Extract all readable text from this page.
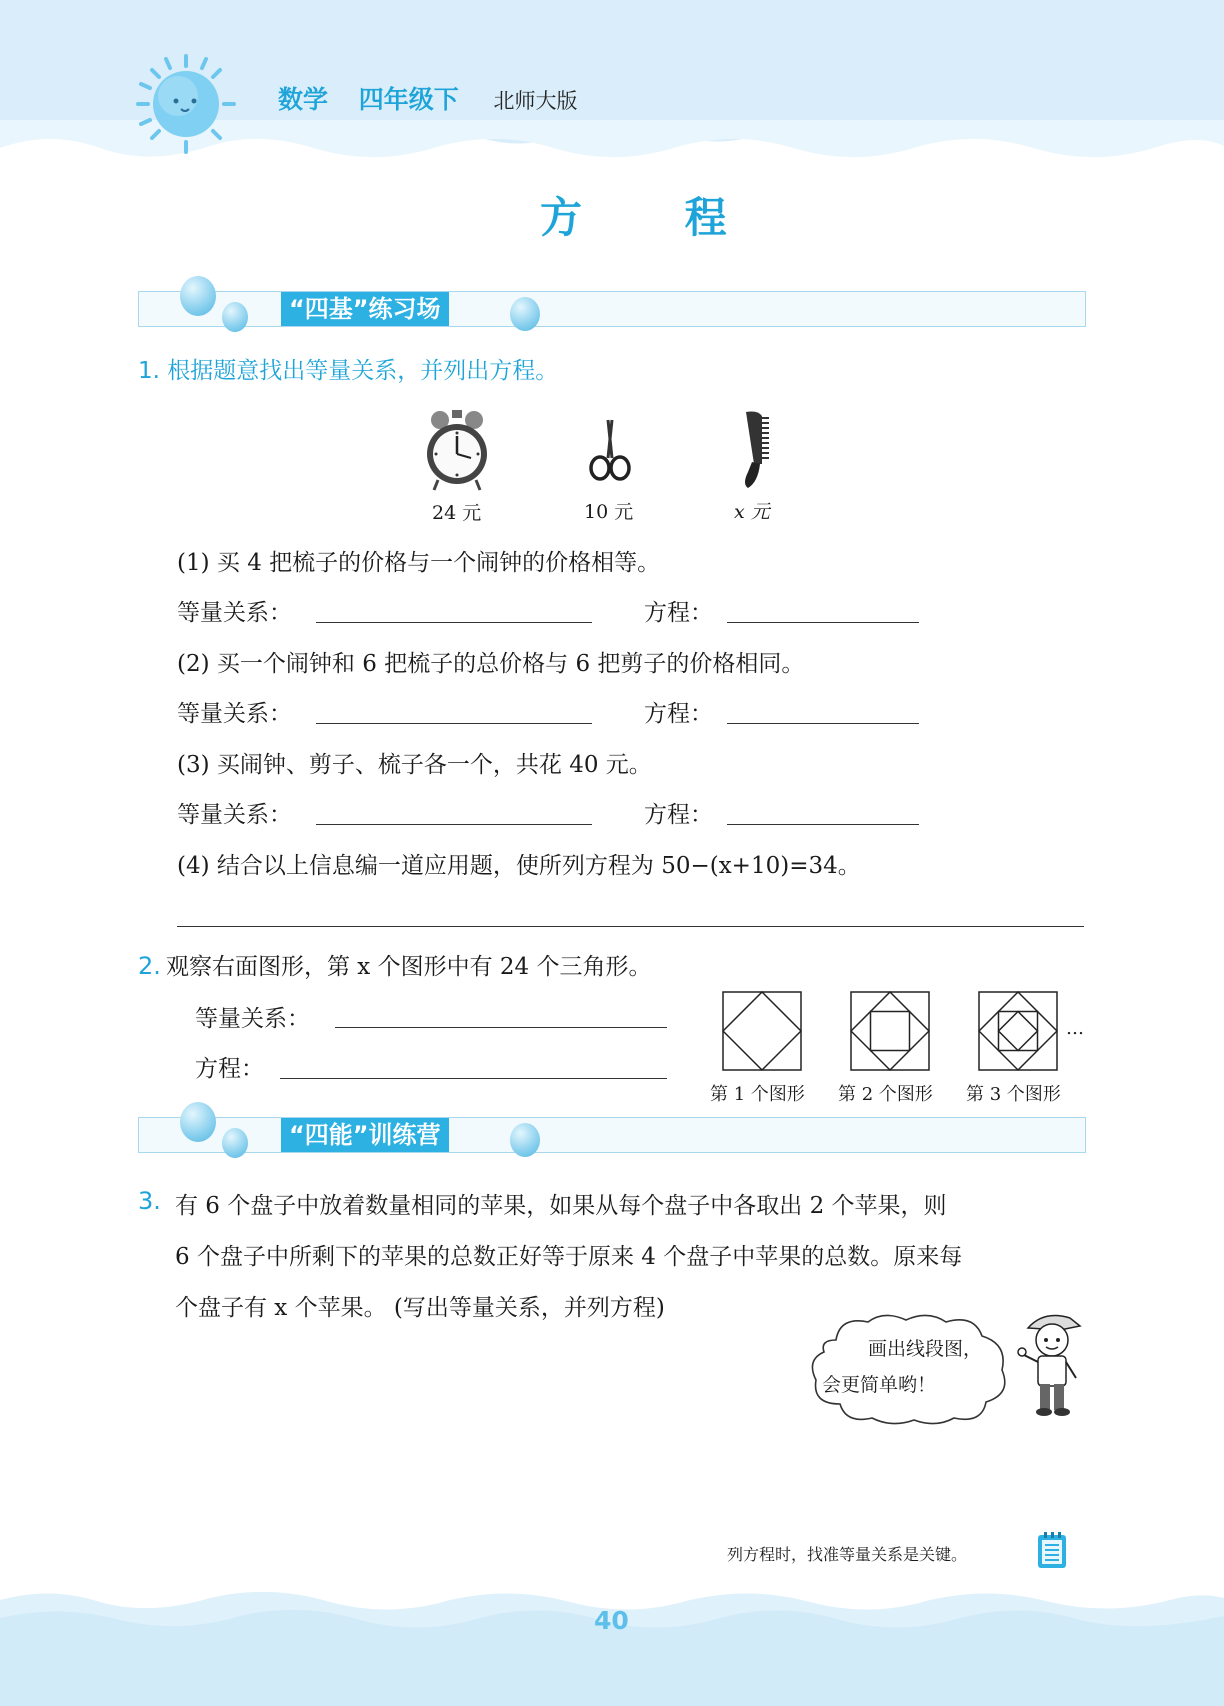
数学 四年级下 北师大版
方 程
“四基”练习场
1. 根据题意找出等量关系，并列出方程。
24 元	10 元	x 元
(1) 买 4 把梳子的价格与一个闹钟的价格相等。
等量关系：	方程：
(2) 买一个闹钟和 6 把梳子的总价格与 6 把剪子的价格相同。
等量关系：	方程：
(3) 买闹钟、剪子、梳子各一个，共花 40 元。
等量关系：	方程：
(4) 结合以上信息编一道应用题，使所列方程为 50−(x+10)=34。
2. 观察右面图形，第 x 个图形中有 24 个三角形。
等量关系：
方程：
…
第 1 个图形 第 2 个图形 第 3 个图形
“四能”训练营
3. 有 6 个盘子中放着数量相同的苹果，如果从每个盘子中各取出 2 个苹果，则
6 个盘子中所剩下的苹果的总数正好等于原来 4 个盘子中苹果的总数。原来每
个盘子有 x 个苹果。 (写出等量关系，并列方程)
画出线段图，
会更简单哟！
列方程时，找准等量关系是关键。
40
